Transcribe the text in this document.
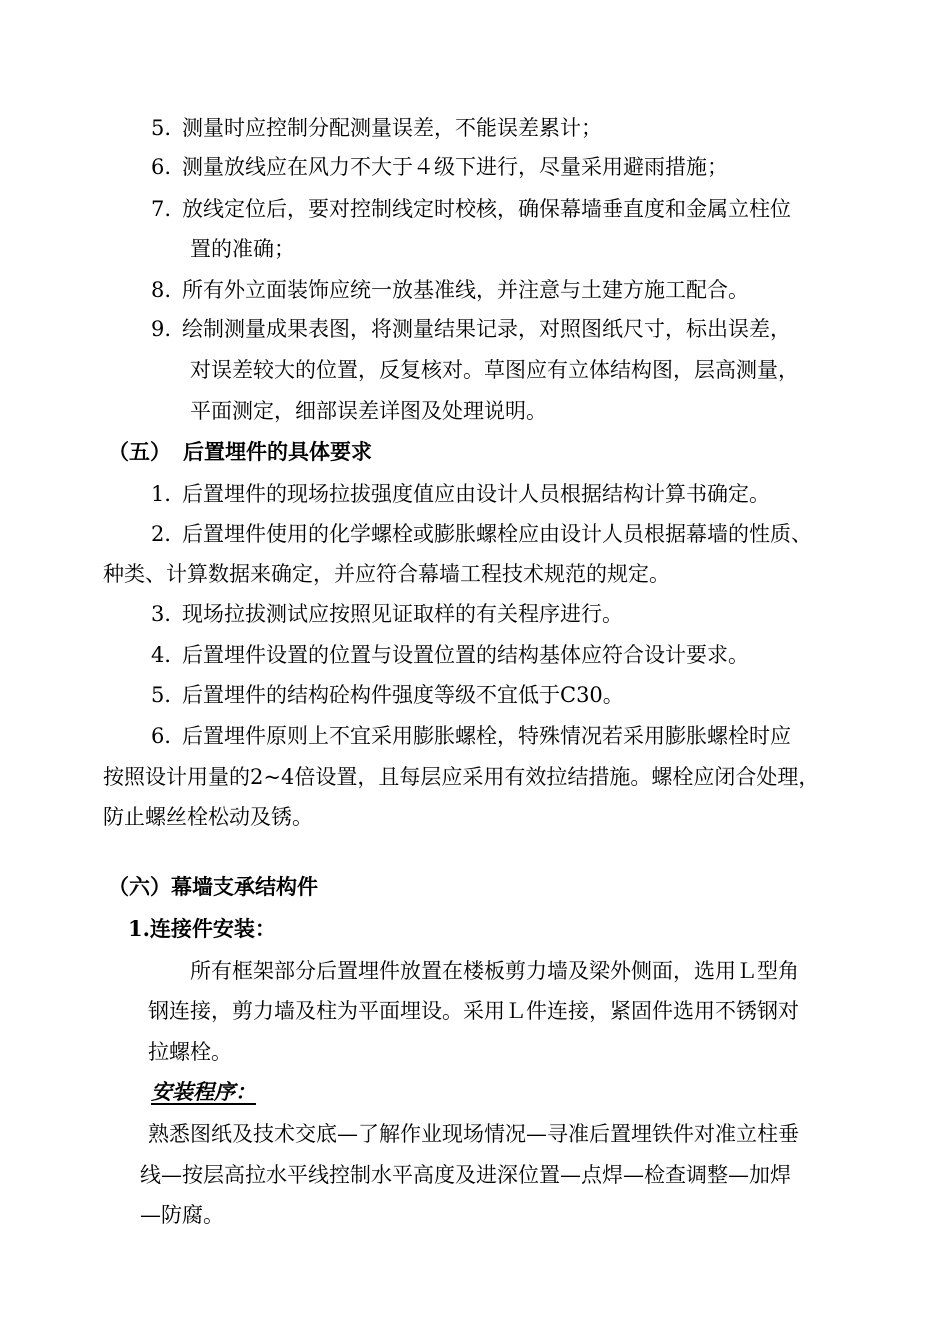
5. 测量时应控制分配测量误差，不能误差累计；
6. 测量放线应在风力不大于４级下进行，尽量采用避雨措施；
7. 放线定位后，要对控制线定时校核，确保幕墙垂直度和金属立柱位
置的准确；
8. 所有外立面装饰应统一放基准线，并注意与土建方施工配合。
9. 绘制测量成果表图，将测量结果记录，对照图纸尺寸，标出误差，
对误差较大的位置，反复核对。草图应有立体结构图，层高测量，
平面测定，细部误差详图及处理说明。
（五） 后置埋件的具体要求
1．
后置埋件的现场拉拔强度值应由设计人员根据结构计算书确定。
2．
后置埋件使用的化学螺栓或膨胀螺栓应由设计人员根据幕墙的性质、
种类、计算数据来确定，并应符合幕墙工程技术规范的规定。
3．
现场拉拔测试应按照见证取样的有关程序进行。
4．
后置埋件设置的位置与设置位置的结构基体应符合设计要求。
5．
后置埋件的结构砼构件强度等级不宜低于C30。
6．
后置埋件原则上不宜采用膨胀螺栓，特殊情况若采用膨胀螺栓时应
按照设计用量的2~4倍设置，且每层应采用有效拉结措施。螺栓应闭合处理，
防止螺丝栓松动及锈。
（六）幕墙支承结构件
1.连接件安装：
所有框架部分后置埋件放置在楼板剪力墙及梁外侧面，选用Ｌ型角
钢连接，剪力墙及柱为平面埋设。采用Ｌ件连接，紧固件选用不锈钢对
拉螺栓。
安装程序：
熟悉图纸及技术交底—了解作业现场情况—寻准后置埋铁件对准立柱垂
线—按层高拉水平线控制水平高度及进深位置—点焊—检查调整—加焊
—防腐。
